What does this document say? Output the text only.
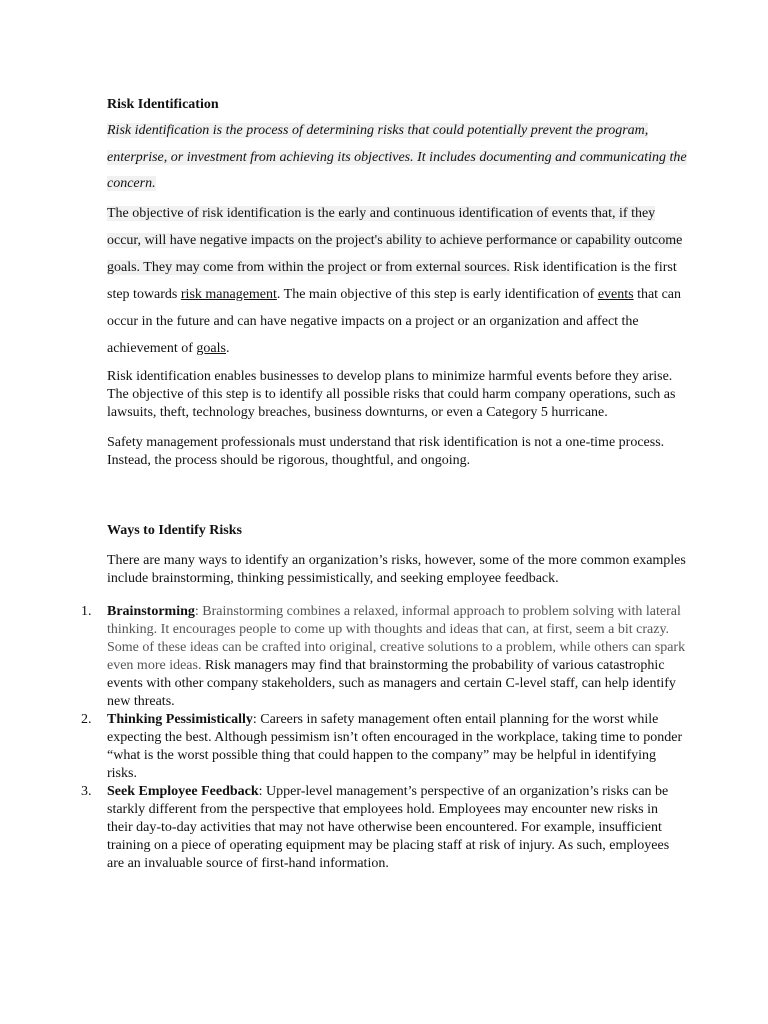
Risk Identification

Risk identification is the process of determining risks that could potentially prevent the program, enterprise, or investment from achieving its objectives. It includes documenting and communicating the concern.

The objective of risk identification is the early and continuous identification of events that, if they occur, will have negative impacts on the project's ability to achieve performance or capability outcome goals. They may come from within the project or from external sources. Risk identification is the first step towards risk management. The main objective of this step is early identification of events that can occur in the future and can have negative impacts on a project or an organization and affect the achievement of goals.

Risk identification enables businesses to develop plans to minimize harmful events before they arise. The objective of this step is to identify all possible risks that could harm company operations, such as lawsuits, theft, technology breaches, business downturns, or even a Category 5 hurricane.

Safety management professionals must understand that risk identification is not a one-time process. Instead, the process should be rigorous, thoughtful, and ongoing.

Ways to Identify Risks

There are many ways to identify an organization’s risks, however, some of the more common examples include brainstorming, thinking pessimistically, and seeking employee feedback.

1. Brainstorming: Brainstorming combines a relaxed, informal approach to problem solving with lateral thinking. It encourages people to come up with thoughts and ideas that can, at first, seem a bit crazy. Some of these ideas can be crafted into original, creative solutions to a problem, while others can spark even more ideas. Risk managers may find that brainstorming the probability of various catastrophic events with other company stakeholders, such as managers and certain C-level staff, can help identify new threats.
2. Thinking Pessimistically: Careers in safety management often entail planning for the worst while expecting the best. Although pessimism isn’t often encouraged in the workplace, taking time to ponder “what is the worst possible thing that could happen to the company” may be helpful in identifying risks.
3. Seek Employee Feedback: Upper-level management’s perspective of an organization’s risks can be starkly different from the perspective that employees hold. Employees may encounter new risks in their day-to-day activities that may not have otherwise been encountered. For example, insufficient training on a piece of operating equipment may be placing staff at risk of injury. As such, employees are an invaluable source of first-hand information.
